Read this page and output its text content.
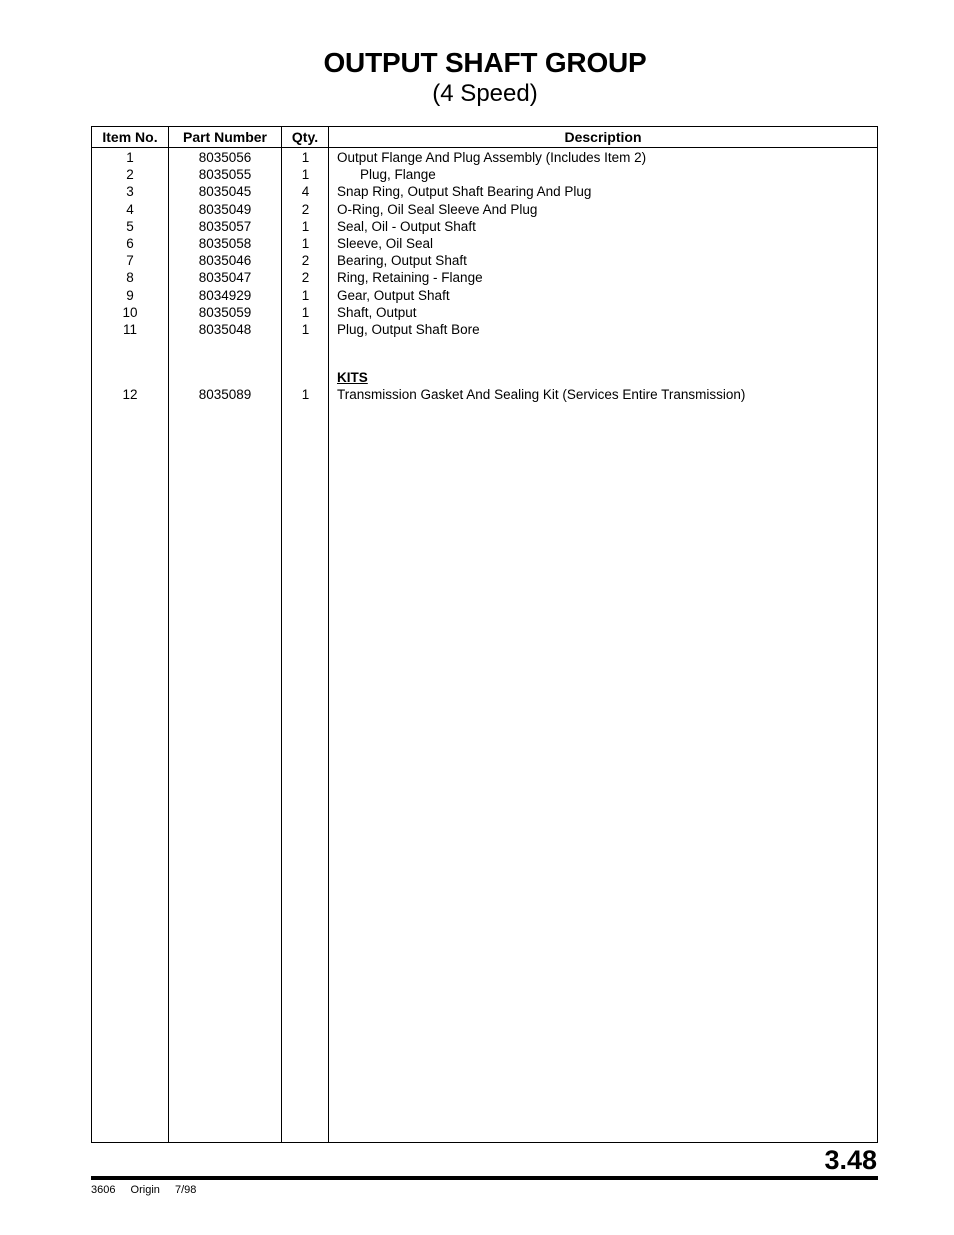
OUTPUT SHAFT GROUP
(4 Speed)
Item No.	Part Number	Qty.	Description
1	8035056	1	Output Flange And Plug Assembly (Includes Item 2)
2	8035055	1	Plug, Flange
3	8035045	4	Snap Ring, Output Shaft Bearing And Plug
4	8035049	2	O-Ring, Oil Seal Sleeve And Plug
5	8035057	1	Seal, Oil - Output Shaft
6	8035058	1	Sleeve, Oil Seal
7	8035046	2	Bearing, Output Shaft
8	8035047	2	Ring, Retaining - Flange
9	8034929	1	Gear, Output Shaft
10	8035059	1	Shaft, Output
11	8035048	1	Plug, Output Shaft Bore
KITS
12	8035089	1	Transmission Gasket And Sealing Kit (Services Entire Transmission)
3.48
3606 Origin 7/98
